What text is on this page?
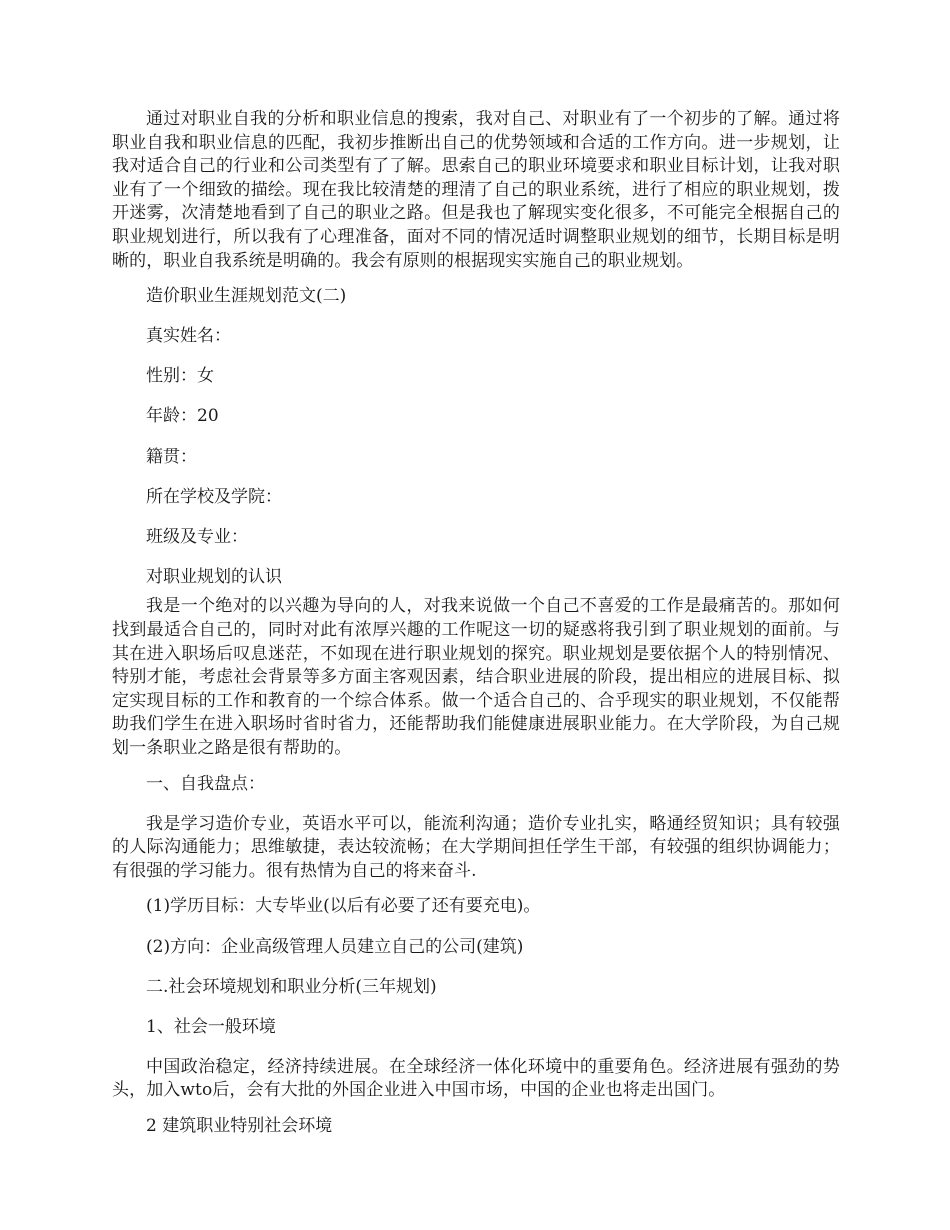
通过对职业自我的分析和职业信息的搜索，我对自己、对职业有了一个初步的了解。通过将职业自我和职业信息的匹配，我初步推断出自己的优势领域和合适的工作方向。进一步规划，让我对适合自己的行业和公司类型有了了解。思索自己的职业环境要求和职业目标计划，让我对职业有了一个细致的描绘。现在我比较清楚的理清了自己的职业系统，进行了相应的职业规划，拨开迷雾，次清楚地看到了自己的职业之路。但是我也了解现实变化很多，不可能完全根据自己的职业规划进行，所以我有了心理准备，面对不同的情况适时调整职业规划的细节，长期目标是明晰的，职业自我系统是明确的。我会有原则的根据现实实施自己的职业规划。

造价职业生涯规划范文(二)

真实姓名：

性别：女

年龄：20

籍贯：

所在学校及学院：

班级及专业：

对职业规划的认识

我是一个绝对的以兴趣为导向的人，对我来说做一个自己不喜爱的工作是最痛苦的。那如何找到最适合自己的，同时对此有浓厚兴趣的工作呢这一切的疑惑将我引到了职业规划的面前。与其在进入职场后叹息迷茫，不如现在进行职业规划的探究。职业规划是要依据个人的特别情况、特别才能，考虑社会背景等多方面主客观因素，结合职业进展的阶段，提出相应的进展目标、拟定实现目标的工作和教育的一个综合体系。做一个适合自己的、合乎现实的职业规划，不仅能帮助我们学生在进入职场时省时省力，还能帮助我们能健康进展职业能力。在大学阶段，为自己规划一条职业之路是很有帮助的。

一、自我盘点：

我是学习造价专业，英语水平可以，能流利沟通；造价专业扎实，略通经贸知识；具有较强的人际沟通能力；思维敏捷，表达较流畅；在大学期间担任学生干部，有较强的组织协调能力；有很强的学习能力。很有热情为自己的将来奋斗.

(1)学历目标：大专毕业(以后有必要了还有要充电)。

(2)方向：企业高级管理人员建立自己的公司(建筑)

二.社会环境规划和职业分析(三年规划)

1、社会一般环境

中国政治稳定，经济持续进展。在全球经济一体化环境中的重要角色。经济进展有强劲的势头，加入wto后，会有大批的外国企业进入中国市场，中国的企业也将走出国门。

2 建筑职业特别社会环境
